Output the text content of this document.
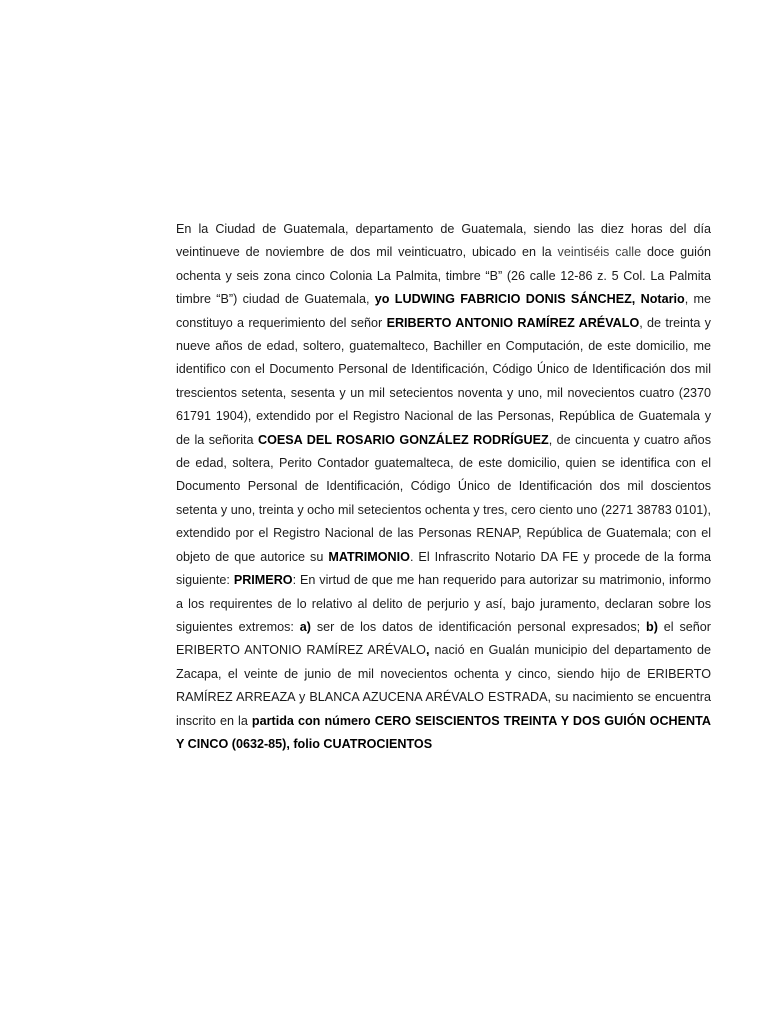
En la Ciudad de Guatemala, departamento de Guatemala, siendo las diez horas del día veintinueve de noviembre de dos mil veinticuatro, ubicado en la veintiséis calle doce guión ochenta y seis zona cinco Colonia La Palmita, timbre “B” (26 calle 12-86 z. 5 Col. La Palmita timbre “B”) ciudad de Guatemala, yo LUDWING FABRICIO DONIS SÁNCHEZ, Notario, me constituyo a requerimiento del señor ERIBERTO ANTONIO RAMÍREZ ARÉVALO, de treinta y nueve años de edad, soltero, guatemalteco, Bachiller en Computación, de este domicilio, me identifico con el Documento Personal de Identificación, Código Único de Identificación dos mil trescientos setenta, sesenta y un mil setecientos noventa y uno, mil novecientos cuatro (2370 61791 1904), extendido por el Registro Nacional de las Personas, República de Guatemala y de la señorita COESA DEL ROSARIO GONZÁLEZ RODRÍGUEZ, de cincuenta y cuatro años de edad, soltera, Perito Contador guatemalteca, de este domicilio, quien se identifica con el Documento Personal de Identificación, Código Único de Identificación dos mil doscientos setenta y uno, treinta y ocho mil setecientos ochenta y tres, cero ciento uno (2271 38783 0101), extendido por el Registro Nacional de las Personas RENAP, República de Guatemala; con el objeto de que autorice su MATRIMONIO. El Infrascrito Notario DA FE y procede de la forma siguiente: PRIMERO: En virtud de que me han requerido para autorizar su matrimonio, informo a los requirentes de lo relativo al delito de perjurio y así, bajo juramento, declaran sobre los siguientes extremos: a) ser de los datos de identificación personal expresados; b) el señor ERIBERTO ANTONIO RAMÍREZ ARÉVALO, nació en Gualán municipio del departamento de Zacapa, el veinte de junio de mil novecientos ochenta y cinco, siendo hijo de ERIBERTO RAMÍREZ ARREAZA y BLANCA AZUCENA ARÉVALO ESTRADA, su nacimiento se encuentra inscrito en la partida con número CERO SEISCIENTOS TREINTA Y DOS GUIÓN OCHENTA Y CINCO (0632-85), folio CUATROCIENTOS
